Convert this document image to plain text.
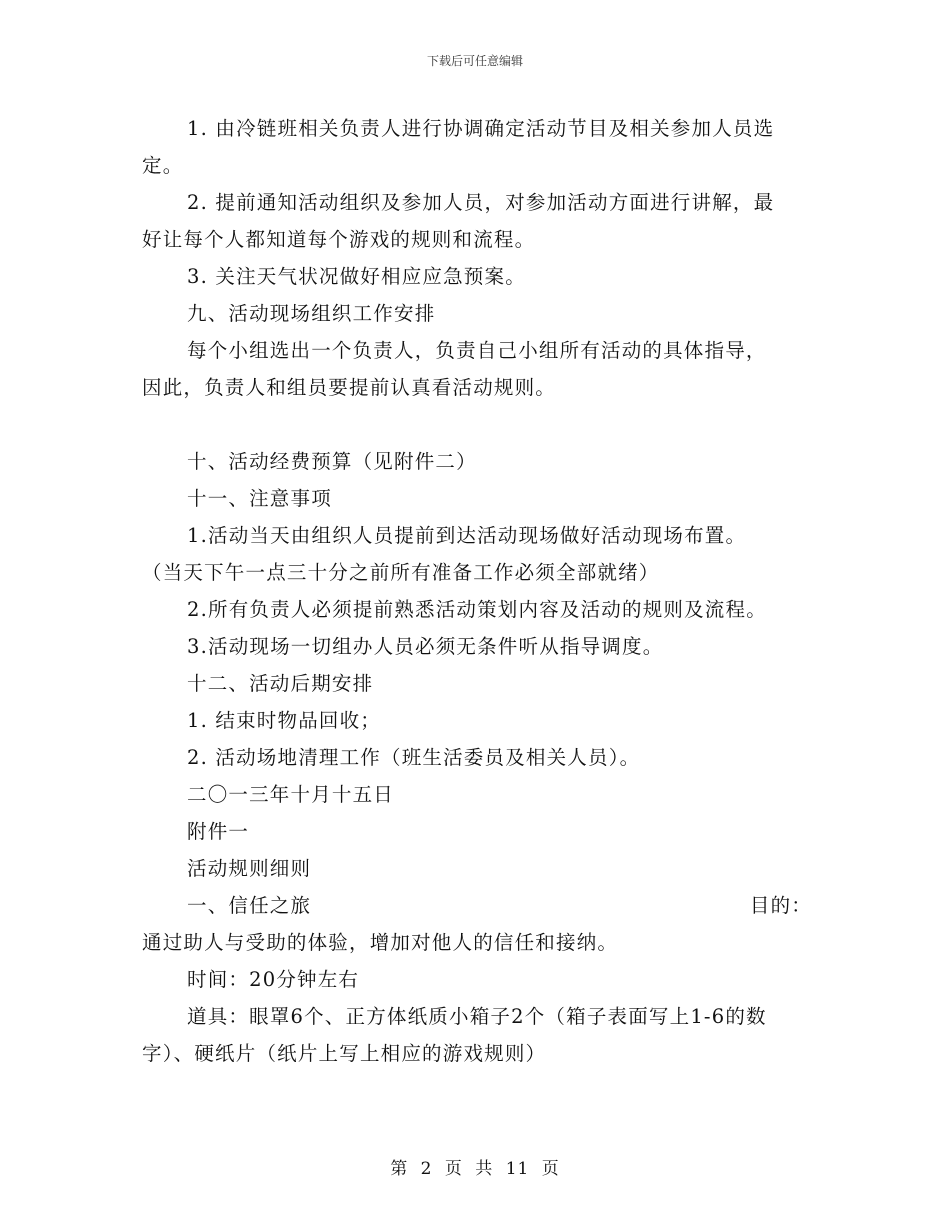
下载后可任意编辑

1. 由冷链班相关负责人进行协调确定活动节目及相关参加人员选

定。

2. 提前通知活动组织及参加人员，对参加活动方面进行讲解，最

好让每个人都知道每个游戏的规则和流程。

3. 关注天气状况做好相应应急预案。

九、活动现场组织工作安排

每个小组选出一个负责人，负责自己小组所有活动的具体指导，

因此，负责人和组员要提前认真看活动规则。

十、活动经费预算（见附件二）

十一、注意事项

1.活动当天由组织人员提前到达活动现场做好活动现场布置。

（当天下午一点三十分之前所有准备工作必须全部就绪）

2.所有负责人必须提前熟悉活动策划内容及活动的规则及流程。

3.活动现场一切组办人员必须无条件听从指导调度。

十二、活动后期安排

1. 结束时物品回收；

2. 活动场地清理工作（班生活委员及相关人员）。

二〇一三年十月十五日

附件一

活动规则细则

一、信任之旅	目的：

通过助人与受助的体验，增加对他人的信任和接纳。

时间：20分钟左右

道具：眼罩6个、正方体纸质小箱子2个（箱子表面写上1-6的数

字）、硬纸片（纸片上写上相应的游戏规则）

第 2 页 共 11 页
